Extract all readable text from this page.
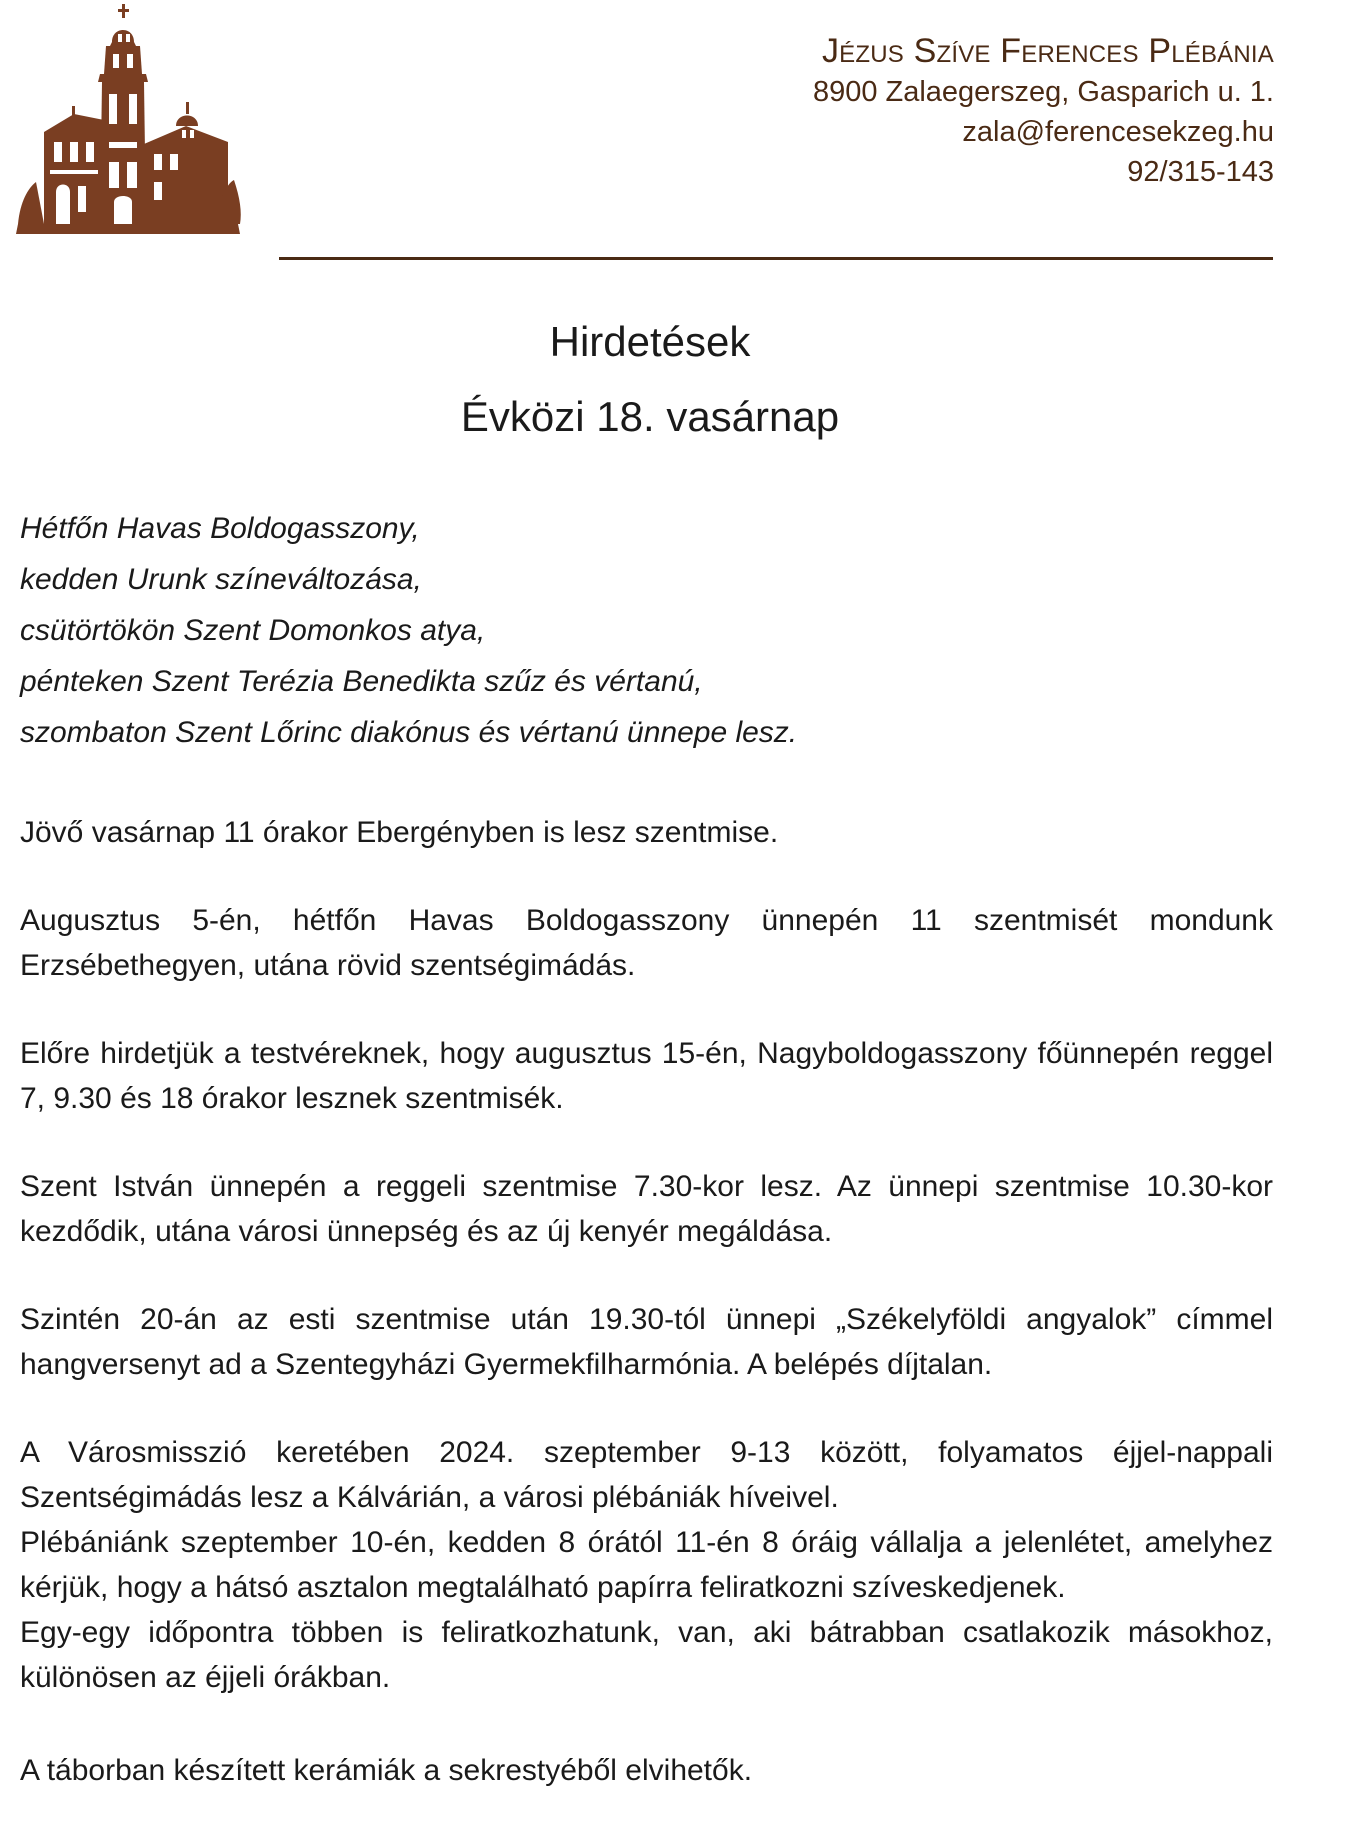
Jézus Szíve Ferences Plébánia
8900 Zalaegerszeg, Gasparich u. 1.
zala@ferencesekzeg.hu
92/315-143
Hirdetések
Évközi 18. vasárnap
Hétfőn Havas Boldogasszony,
kedden Urunk színeváltozása,
csütörtökön Szent Domonkos atya,
pénteken Szent Terézia Benedikta szűz és vértanú,
szombaton Szent Lőrinc diakónus és vértanú ünnepe lesz.
Jövő vasárnap 11 órakor Ebergényben is lesz szentmise.
Augusztus 5-én, hétfőn Havas Boldogasszony ünnepén 11 szentmisét mondunk Erzsébethegyen, utána rövid szentségimádás.
Előre hirdetjük a testvéreknek, hogy augusztus 15-én, Nagyboldogasszony főünnepén reggel 7, 9.30 és 18 órakor lesznek szentmisék.
Szent István ünnepén a reggeli szentmise 7.30-kor lesz. Az ünnepi szentmise 10.30-kor kezdődik, utána városi ünnepség és az új kenyér megáldása.
Szintén 20-án az esti szentmise után 19.30-tól ünnepi „Székelyföldi angyalok” címmel hangversenyt ad a Szentegyházi Gyermekfilharmónia. A belépés díjtalan.
A Városmisszió keretében 2024. szeptember 9-13 között, folyamatos éjjel-nappali Szentségimádás lesz a Kálvárián, a városi plébániák híveivel.
Plébániánk szeptember 10-én, kedden 8 órától 11-én 8 óráig vállalja a jelenlétet, amelyhez kérjük, hogy a hátsó asztalon megtalálható papírra feliratkozni szíveskedjenek.
Egy-egy időpontra többen is feliratkozhatunk, van, aki bátrabban csatlakozik másokhoz, különösen az éjjeli órákban.
A táborban készített kerámiák a sekrestyéből elvihetők.
